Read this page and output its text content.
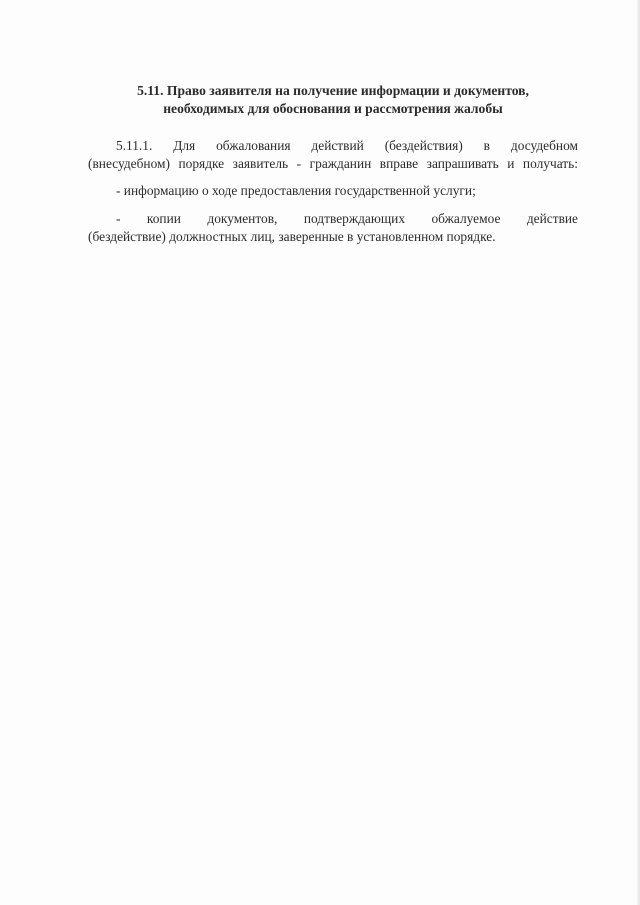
5.11. Право заявителя на получение информации и документов,
необходимых для обоснования и рассмотрения жалобы

5.11.1. Для обжалования действий (бездействия) в досудебном
(внесудебном) порядке заявитель - гражданин вправе запрашивать и получать:

- информацию о ходе предоставления государственной услуги;

- копии документов, подтверждающих обжалуемое действие
(бездействие) должностных лиц, заверенные в установленном порядке.
